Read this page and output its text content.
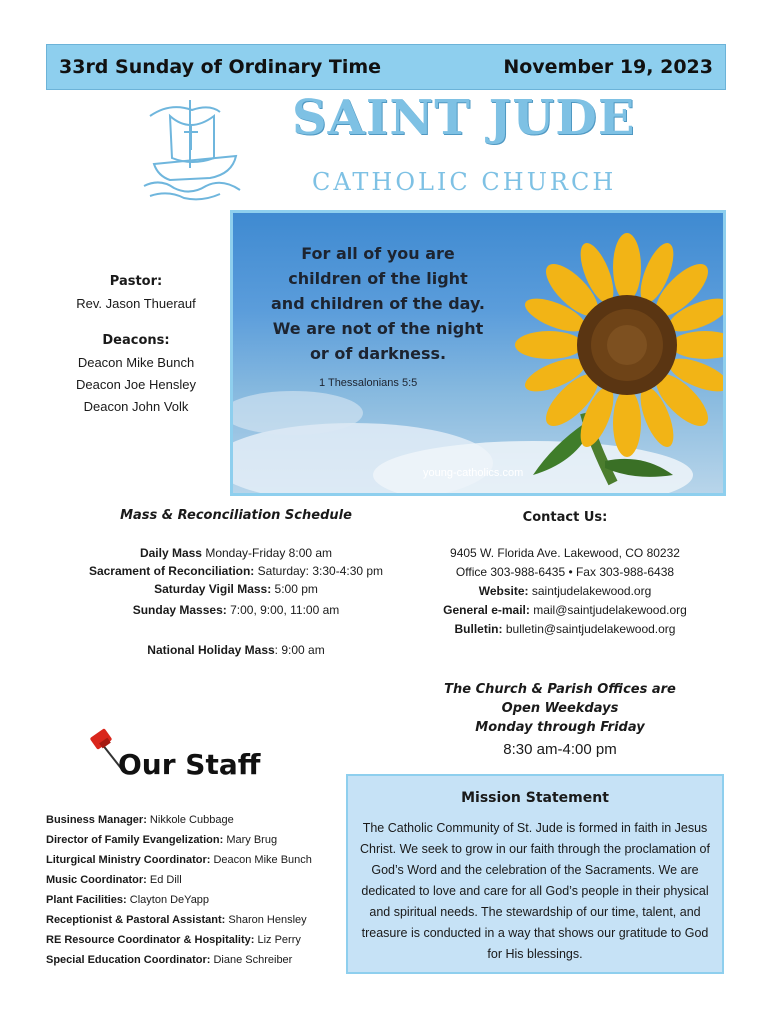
33rd Sunday of Ordinary Time	November 19, 2023
SAINT JUDE
CATHOLIC CHURCH
For all of you are
children of the light
and children of the day.
We are not of the night
or of darkness.
1 Thessalonians 5:5
young-catholics.com
Pastor:
Rev. Jason Thuerauf
Deacons:
Deacon Mike Bunch
Deacon Joe Hensley
Deacon John Volk
Mass & Reconciliation Schedule
Daily Mass Monday-Friday 8:00 am
Sacrament of Reconciliation: Saturday: 3:30-4:30 pm
Saturday Vigil Mass: 5:00 pm
Sunday Masses: 7:00, 9:00, 11:00 am
National Holiday Mass: 9:00 am
Contact Us:
9405 W. Florida Ave. Lakewood, CO 80232
Office 303-988-6435 • Fax 303-988-6438
Website: saintjudelakewood.org
General e-mail: mail@saintjudelakewood.org
Bulletin: bulletin@saintjudelakewood.org
The Church & Parish Offices are
Open Weekdays
Monday through Friday
8:30 am-4:00 pm
Our Staff
Business Manager: Nikkole Cubbage
Director of Family Evangelization: Mary Brug
Liturgical Ministry Coordinator: Deacon Mike Bunch
Music Coordinator: Ed Dill
Plant Facilities: Clayton DeYapp
Receptionist & Pastoral Assistant: Sharon Hensley
RE Resource Coordinator & Hospitality: Liz Perry
Special Education Coordinator: Diane Schreiber
Mission Statement
The Catholic Community of St. Jude is formed in faith in Jesus Christ. We seek to grow in our faith through the proclamation of God’s Word and the celebration of the Sacraments. We are dedicated to love and care for all God’s people in their physical and spiritual needs. The stewardship of our time, talent, and treasure is conducted in a way that shows our gratitude to God for His blessings.
